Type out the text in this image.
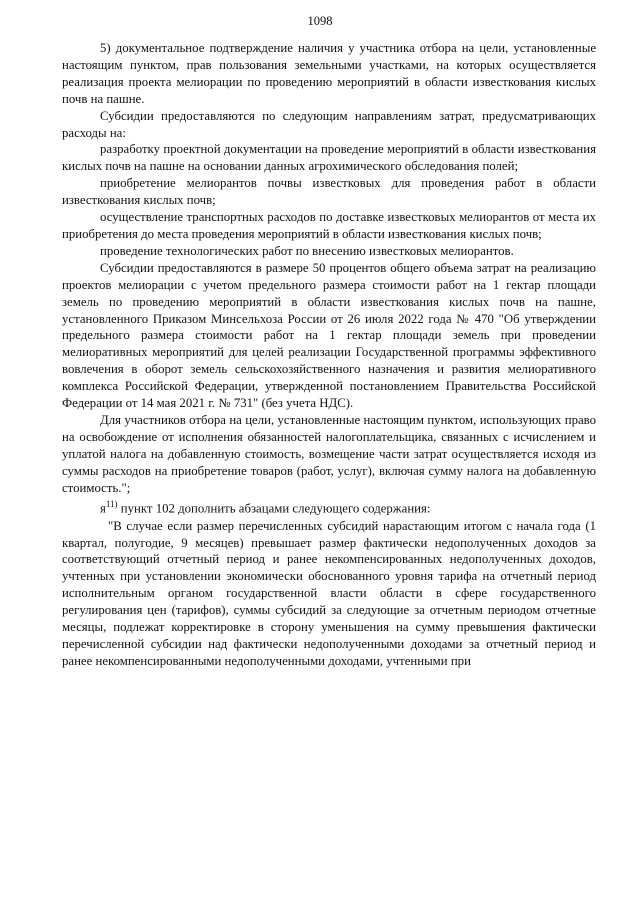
1098

5) документальное подтверждение наличия у участника отбора на цели, установленные настоящим пунктом, прав пользования земельными участками, на которых осуществляется реализация проекта мелиорации по проведению мероприятий в области известкования кислых почв на пашне.

Субсидии предоставляются по следующим направлениям затрат, предусматривающих расходы на:

разработку проектной документации на проведение мероприятий в области известкования кислых почв на пашне на основании данных агрохимического обследования полей;

приобретение мелиорантов почвы известковых для проведения работ в области известкования кислых почв;

осуществление транспортных расходов по доставке известковых мелиорантов от места их приобретения до места проведения мероприятий в области известкования кислых почв;

проведение технологических работ по внесению известковых мелиорантов.

Субсидии предоставляются в размере 50 процентов общего объема затрат на реализацию проектов мелиорации с учетом предельного размера стоимости работ на 1 гектар площади земель по проведению мероприятий в области известкования кислых почв на пашне, установленного Приказом Минсельхоза России от 26 июля 2022 года № 470 "Об утверждении предельного размера стоимости работ на 1 гектар площади земель при проведении мелиоративных мероприятий для целей реализации Государственной программы эффективного вовлечения в оборот земель сельскохозяйственного назначения и развития мелиоративного комплекса Российской Федерации, утвержденной постановлением Правительства Российской Федерации от 14 мая 2021 г. № 731" (без учета НДС).

Для участников отбора на цели, установленные настоящим пунктом, использующих право на освобождение от исполнения обязанностей налогоплательщика, связанных с исчислением и уплатой налога на добавленную стоимость, возмещение части затрат осуществляется исходя из суммы расходов на приобретение товаров (работ, услуг), включая сумму налога на добавленную стоимость.";

$я^{11)}$ пункт 102 дополнить абзацами следующего содержания:

"В случае если размер перечисленных субсидий нарастающим итогом с начала года (1 квартал, полугодие, 9 месяцев) превышает размер фактически недополученных доходов за соответствующий отчетный период и ранее некомпенсированных недополученных доходов, учтенных при установлении экономически обоснованного уровня тарифа на отчетный период исполнительным органом государственной власти области в сфере государственного регулирования цен (тарифов), суммы субсидий за следующие за отчетным периодом отчетные месяцы, подлежат корректировке в сторону уменьшения на сумму превышения фактически перечисленной субсидии над фактически недополученными доходами за отчетный период и ранее некомпенсированными недополученными доходами, учтенными при
